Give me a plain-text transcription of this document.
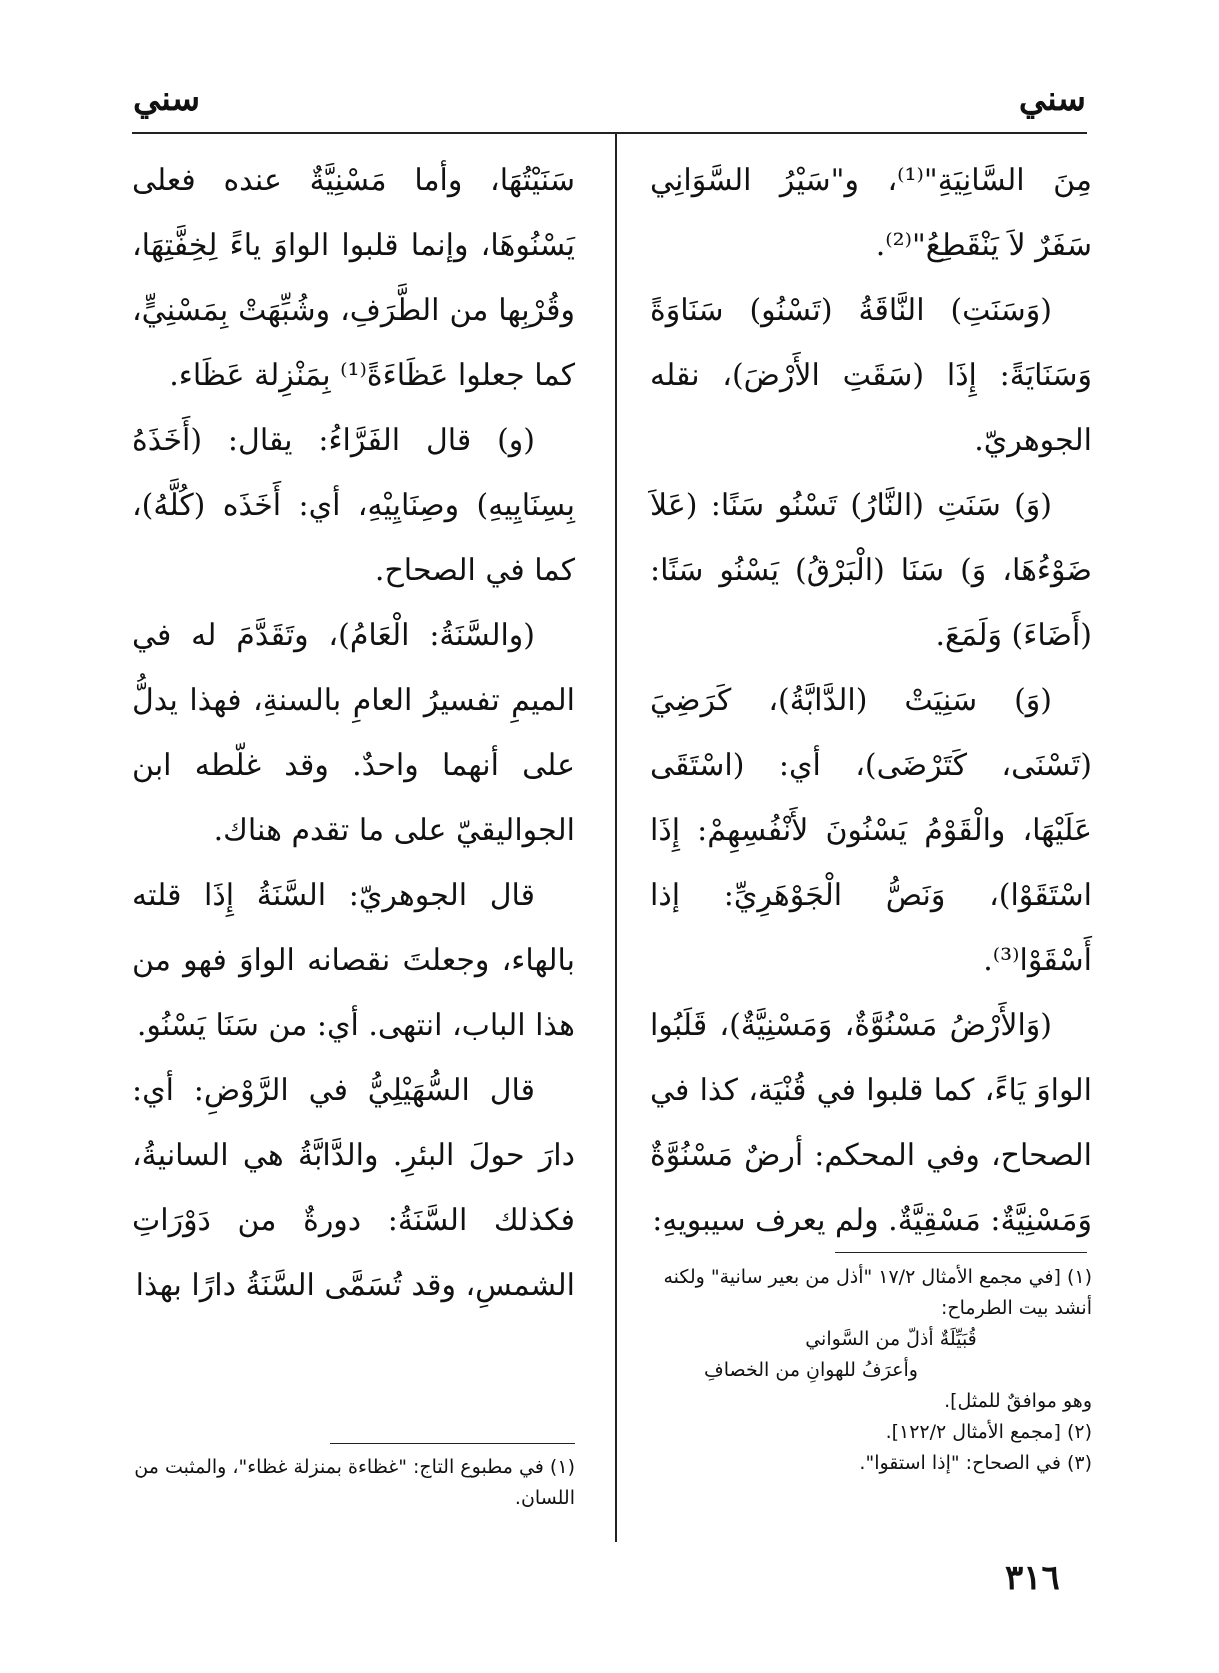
سني
سني

مِنَ السَّانِيَةِ"⁽¹⁾، و"سَيْرُ السَّوَانِي سَفَرٌ لاَ يَنْقَطِعُ"⁽²⁾.

(وَسَنَتِ) النَّاقَةُ (تَسْنُو) سَنَاوَةً وَسَنَايَةً: إِذَا (سَقَتِ الأَرْضَ)، نقله الجوهريّ.

(وَ) سَنَتِ (النَّارُ) تَسْنُو سَنًا: (عَلاَ ضَوْءُهَا، وَ) سَنَا (الْبَرْقُ) يَسْنُو سَنًا: (أَضَاءَ) وَلَمَعَ.

(وَ) سَنِيَتْ (الدَّابَّةُ)، كَرَضِيَ (تَسْنَى، كَتَرْضَى)، أي: (اسْتَقَى عَلَيْهَا، والْقَوْمُ يَسْنُونَ لأَنْفُسِهِمْ: إِذَا اسْتَقَوْا)، وَنَصُّ الْجَوْهَرِيِّ: إذا أَسْقَوْا⁽³⁾.

(وَالأَرْضُ مَسْنُوَّةٌ، وَمَسْنِيَّةٌ)، قَلَبُوا الواوَ يَاءً، كما قلبوا في قُنْيَة، كذا في الصحاح، وفي المحكم: أرضٌ مَسْنُوَّةٌ وَمَسْنِيَّةٌ: مَسْقِيَّةٌ. ولم يعرف سيبويهِ:

سَنَيْتُهَا، وأما مَسْنِيَّةٌ عنده فعلى يَسْنُوهَا، وإنما قلبوا الواوَ ياءً لِخِفَّتِهَا، وقُرْبِها من الطَّرَفِ، وشُبِّهَتْ بِمَسْنِيٍّ، كما جعلوا عَظَاءَةً⁽¹⁾ بِمَنْزِلة عَظَاء.

(و) قال الفَرَّاءُ: يقال: (أَخَذَهُ بِسِنَايِيهِ) وصِنَايِيْهِ، أي: أَخَذَه (كُلَّهُ)، كما في الصحاح.

(والسَّنَةُ: الْعَامُ)، وتَقَدَّمَ له في الميمِ تفسيرُ العامِ بالسنةِ، فهذا يدلُّ على أنهما واحدٌ. وقد غلّطه ابن الجواليقيّ على ما تقدم هناك.

قال الجوهريّ: السَّنَةُ إِذَا قلته بالهاء، وجعلتَ نقصانه الواوَ فهو من هذا الباب، انتهى. أي: من سَنَا يَسْنُو.

قال السُّهَيْلِيُّ في الرَّوْضِ: أي: دارَ حولَ البئرِ. والدَّابَّةُ هي السانيةُ، فكذلك السَّنَةُ: دورةٌ من دَوْرَاتِ الشمسِ، وقد تُسَمَّى السَّنَةُ دارًا بهذا	(١) [في مجمع الأمثال ١٧/٢ "أذل من بعير سانية" ولكنه أنشد بيت الطرماح:

قُبَيِّلَةٌ أذلّ من السَّواني

وأعرَفُ للهوانِ من الخصافِ

وهو موافقٌ للمثل].

(٢) [مجمع الأمثال ١٢٢/٢].

(٣) في الصحاح: "إذا استقوا".

(١) في مطبوع التاج: "غظاءة بمنزلة غظاء"، والمثبت من اللسان.

٣١٦
